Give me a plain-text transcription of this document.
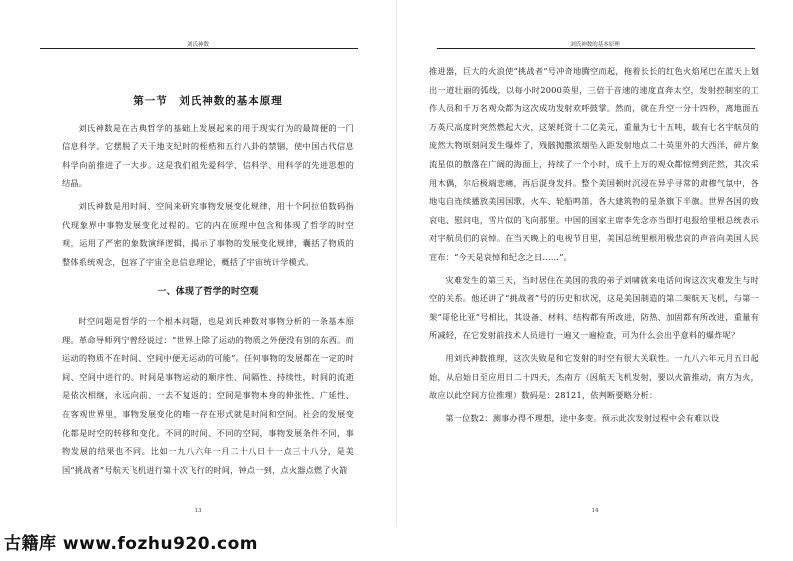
刘氏神数
第一节　刘氏神数的基本原理

刘氏神数是在古典哲学的基础上发展起来的用于现实行为的最简便的一门信息科学。它摆脱了天干地支纪时的桎梏和五行八卦的禁锢，使中国古代信息科学向前推进了一大步。这是我们祖先爱科学、信科学、用科学的先进思想的结晶。

刘氏神数是用时间、空间来研究事物发展变化规律，用十个阿拉伯数码指代现象界中事物发展变化过程的。它的内在原理中包含和体现了哲学的时空观，运用了严密的象数演绎逻辑，揭示了事物的发展变化规律，囊括了物质的整体系统观念，包容了宇宙全息信息理论，概括了宇宙统计学模式。

一、体现了哲学的时空观

时空问题是哲学的一个根本问题，也是刘氏神数对事物分析的一条基本原理。革命导师列宁曾经说过：“世界上除了运动的物质之外便没有别的东西。而运动的物质不在时间、空间中便无运动的可能”。任何事物的发展都在一定的时间、空间中进行的。时间是事物运动的顺序性、间隔性、持续性，时间的流逝是依次相继，永远向前、一去不复返的；空间是事物本身的伸张性、广延性、在客观世界里，事物发展变化的唯一存在形式就是时间和空间。社会的发展变化都是时空的转移和变化。不同的时间、不同的空间，事物发展条件不同，事物发展的结果也不同。比如一九八六年一月二十八日十一点三十八分，是美国“挑战者”号航天飞机进行第十次飞行的时间，钟点一到，点火器点燃了火箭

13
刘氏神数的基本原理

推进器，巨大的火浪使“挑战者”号冲奇地腾空而起，拖着长长的红色火焰尾巴在蓝天上划出一道壮丽的弧线，以每小时2000英里，三倍于音速的速度直奔太空，发射控制室的工作人员和千万名观众都为这次成功发射欢呼鼓掌。然而，就在升空一分十四秒，离地面五万英尺高度时突然燃起大火，这架耗资十二亿美元，重量为七十五吨，载有七名宇航员的庞然大物顷刻间发生爆炸了，残骸抛撒浓烟坠入距发射地点二十英里外的大西洋，碎片象流星似的散落在广阔的海面上，持续了一个小时，成千上万的观众都惊愕到茫然，其次采用木偶，尔后极端悲痛，再后混身发抖。整个美国顿时沉浸在异乎寻常的肃穆气氛中，各地屯自连续播放美国国歌，火车、轮船鸣笛，各大建筑物的星条旗下半旗。世界各国的致哀电、慰问电，雪片似的飞向那里。中国的国家主席李先念亦当即打电报给里根总统表示对宇航员们的哀悼。在当天晚上的电视节目里，美国总统里根用极悲哀的声音向美国人民宣布：“今天是哀悼和纪念之日……”。

灾难发生的第三天，当时居住在美国的我的弟子刘啸就来电话问询这次灾难发生与时空的关系。他还讲了“挑战者”号的历史和状况，这是美国制造的第二架航天飞机，与第一架“哥伦比亚”号相比，其设备、材料、结构都有所改进，防热、加固都有所改进，重量有所减轻，在它发射前技术人员进行一遍又一遍检查，可为什么会出乎意料的爆炸呢？

用刘氏神数推理，这次失败是和它发射的时空有很大关联性。一九八六年元月五日起始，从启始日至应用日二十四天，杰南方（因航天飞机发射，要以火箭推动，南方为火，故应以此空间方位推理）数码是：28121，依判断要略分析：

第一位数2：测事办得不理想，途中多变。预示此次发射过程中会有难以设

14
古籍库 www.fozhu920.com
